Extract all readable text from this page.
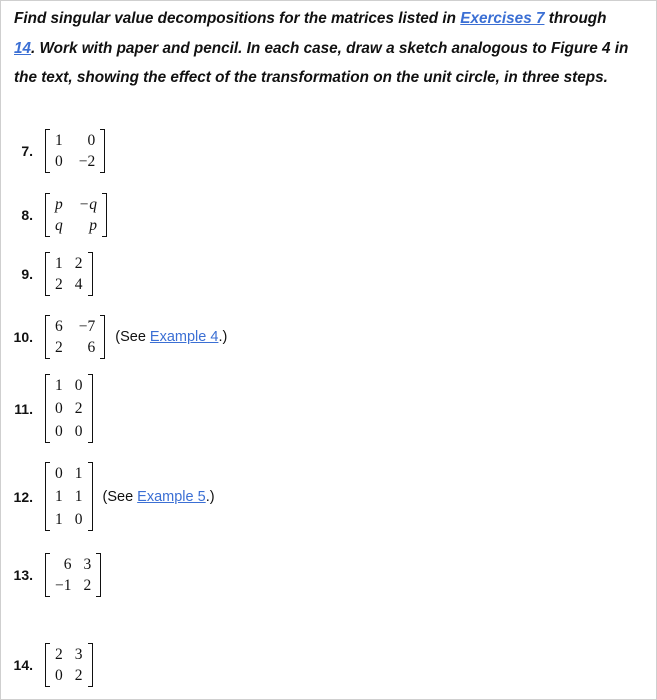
Find singular value decompositions for the matrices listed in Exercises 7 through
14. Work with paper and pencil. In each case, draw a sketch analogous to Figure 4 in the text, showing the effect of the transformation on the unit circle, in three steps.
7.
1	0
0 −2
8.
p −q
q	p
9.
1 2
2 4
10.
6 −7
2	6
(See Example 4.)
11.
1 0
0 2
0 0
12.
0 1
1 1
1 0
(See Example 5.)
13.
6 3
−1 2
14.
2 3
0 2
